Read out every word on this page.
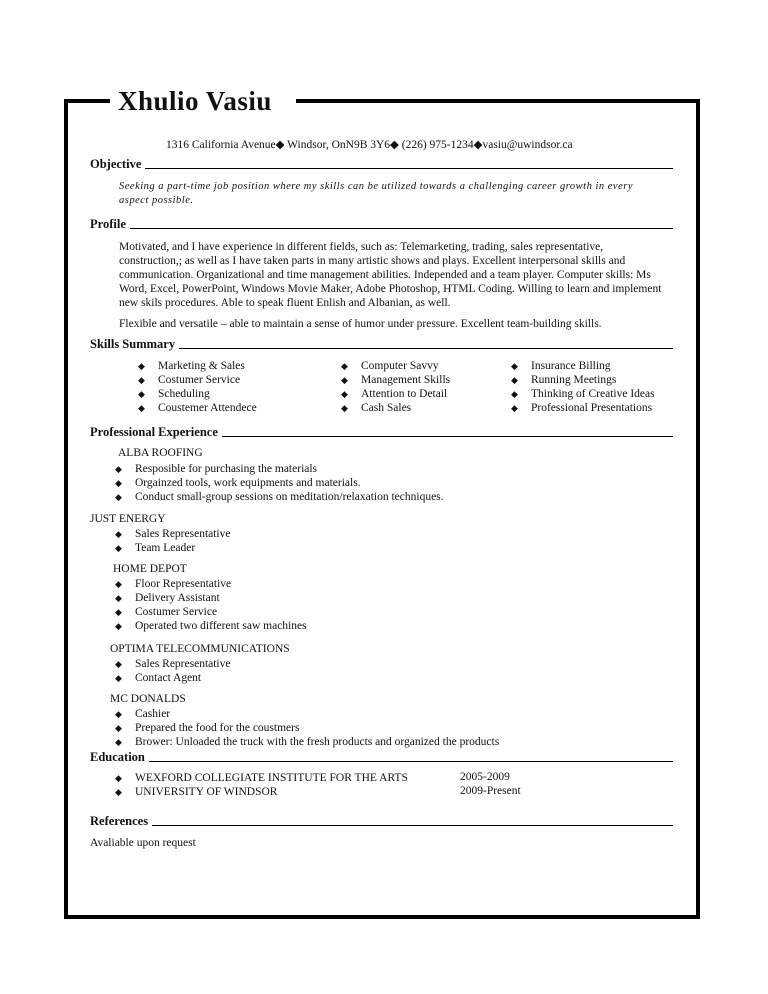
Xhulio Vasiu
1316 California Avenue◆ Windsor, OnN9B 3Y6◆ (226) 975-1234◆vasiu@uwindsor.ca
Objective
Seeking a part-time job position where my skills can be utilized towards a challenging career growth in every aspect possible.
Profile
Motivated, and I have experience in different fields, such as: Telemarketing, trading, sales representative, construction,; as well as I have taken parts in many artistic shows and plays. Excellent interpersonal skills and communication. Organizational and time management abilities. Independed and a team player. Computer skills: Ms Word, Excel, PowerPoint, Windows Movie Maker, Adobe Photoshop, HTML Coding. Willing to learn and implement new skils procedures. Able to speak fluent Enlish and Albanian, as well.
Flexible and versatile – able to maintain a sense of humor under pressure. Excellent team-building skills.
Skills Summary
◆ Marketing & Sales
◆ Costumer Service
◆ Scheduling
◆ Coustemer Attendece
◆ Computer Savvy
◆ Management Skills
◆ Attention to Detail
◆ Cash Sales
◆ Insurance Billing
◆ Running Meetings
◆ Thinking of Creative Ideas
◆ Professional Presentations
Professional Experience
ALBA ROOFING
◆ Resposible for purchasing the materials
◆ Orgainzed tools, work equipments and materials.
◆ Conduct small-group sessions on meditation/relaxation techniques.
JUST ENERGY
◆ Sales Representative
◆ Team Leader
HOME DEPOT
◆ Floor Representative
◆ Delivery Assistant
◆ Costumer Service
◆ Operated two different saw machines
OPTIMA TELECOMMUNICATIONS
◆ Sales Representative
◆ Contact Agent
MC DONALDS
◆ Cashier
◆ Prepared the food for the coustmers
◆ Brower: Unloaded the truck with the fresh products and organized the products
Education
◆ WEXFORD COLLEGIATE INSTITUTE FOR THE ARTS
◆ UNIVERSITY OF WINDSOR
2005-2009
2009-Present
References
Avaliable upon request
